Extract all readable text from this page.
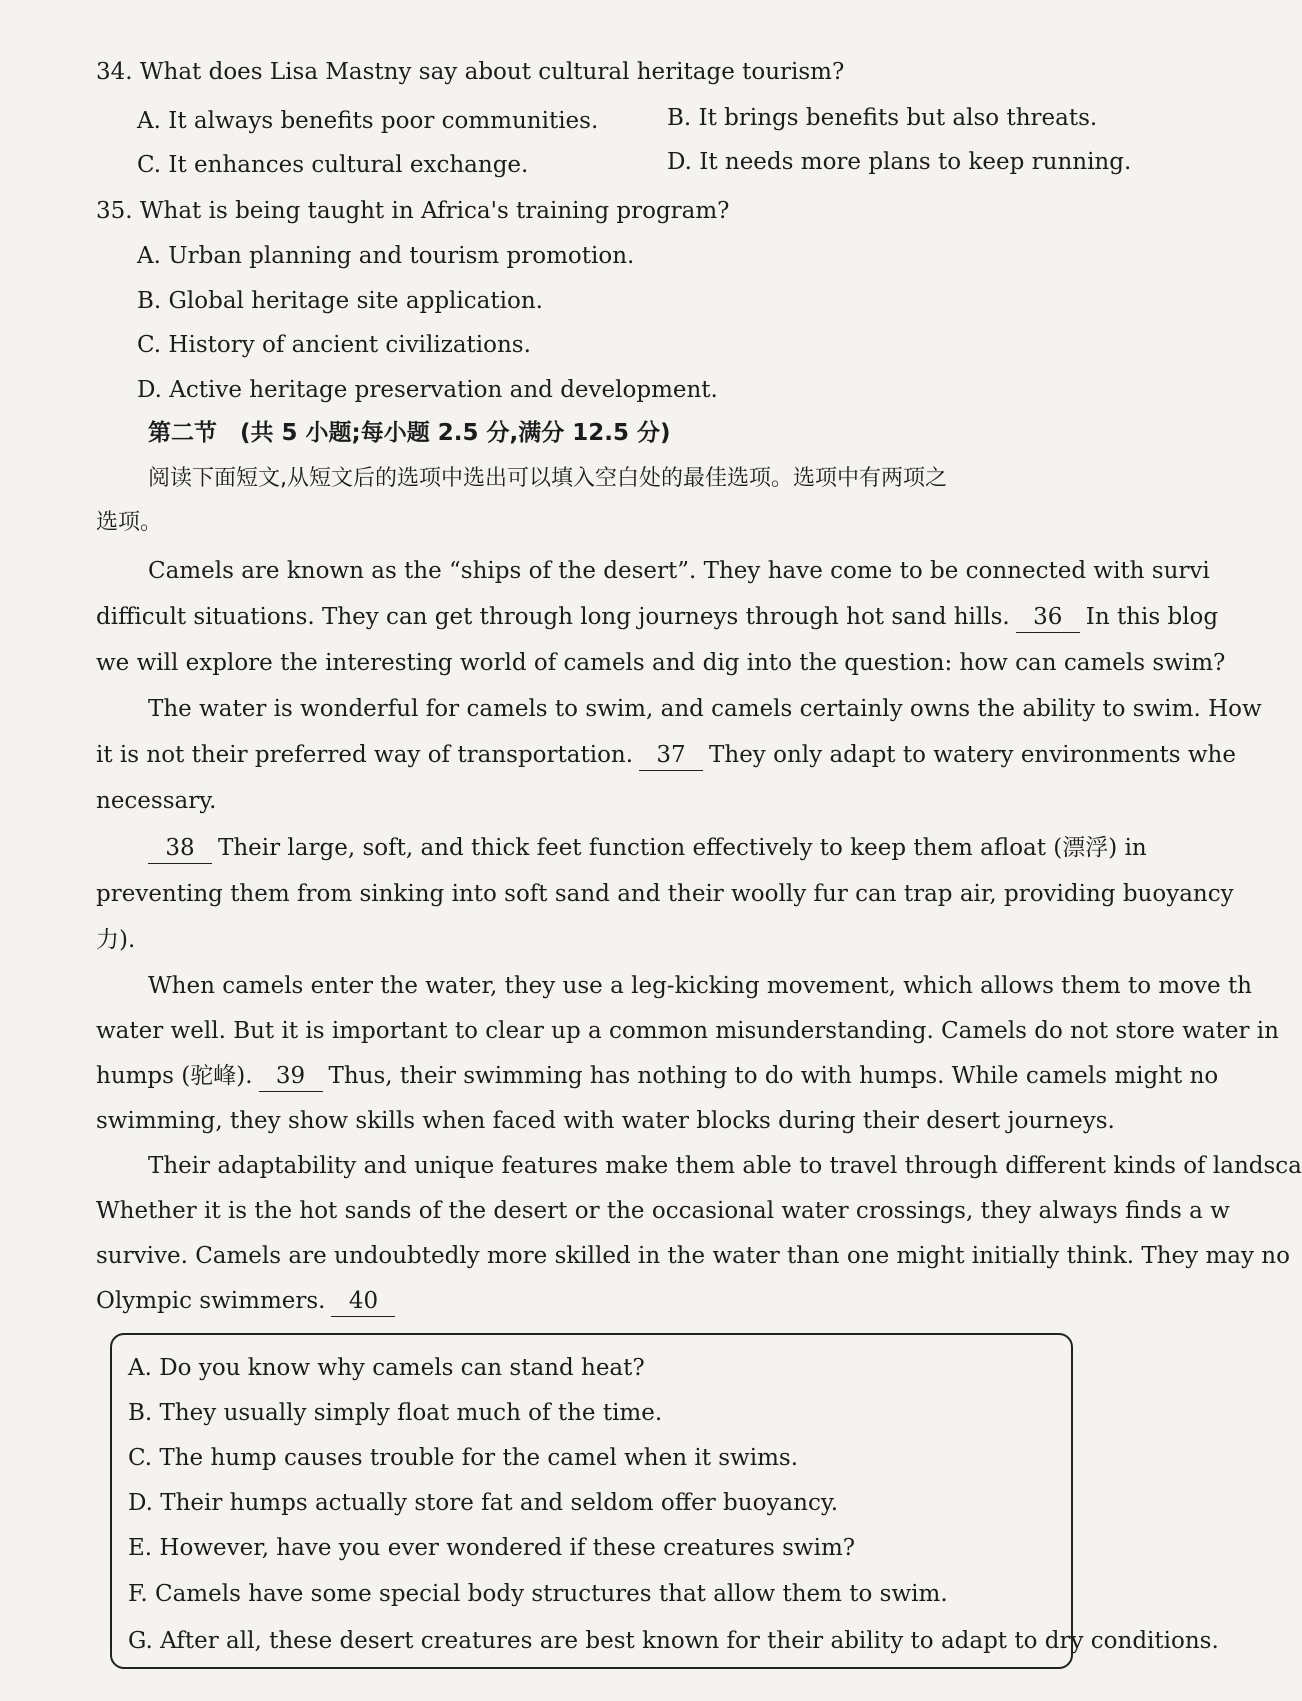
34. What does Lisa Mastny say about cultural heritage tourism?
A. It always benefits poor communities.	B. It brings benefits but also threats.
C. It enhances cultural exchange.	D. It needs more plans to keep running.
35. What is being taught in Africa's training program?
A. Urban planning and tourism promotion.
B. Global heritage site application.
C. History of ancient civilizations.
D. Active heritage preservation and development.
第二节　(共 5 小题;每小题 2.5 分,满分 12.5 分)
阅读下面短文,从短文后的选项中选出可以填入空白处的最佳选项。选项中有两项之
选项。
Camels are known as the “ships of the desert”. They have come to be connected with survi
difficult situations. They can get through long journeys through hot sand hills. 36 In this blog
we will explore the interesting world of camels and dig into the question: how can camels swim?
The water is wonderful for camels to swim, and camels certainly owns the ability to swim. How
it is not their preferred way of transportation. 37 They only adapt to watery environments whe
necessary.
38 Their large, soft, and thick feet function effectively to keep them afloat (漂浮) in
preventing them from sinking into soft sand and their woolly fur can trap air, providing buoyancy
力).
When camels enter the water, they use a leg-kicking movement, which allows them to move th
water well. But it is important to clear up a common misunderstanding. Camels do not store water in
humps (驼峰). 39 Thus, their swimming has nothing to do with humps. While camels might no
swimming, they show skills when faced with water blocks during their desert journeys.
Their adaptability and unique features make them able to travel through different kinds of landsca
Whether it is the hot sands of the desert or the occasional water crossings, they always finds a w
survive. Camels are undoubtedly more skilled in the water than one might initially think. They may no
Olympic swimmers. 40
A. Do you know why camels can stand heat?
B. They usually simply float much of the time.
C. The hump causes trouble for the camel when it swims.
D. Their humps actually store fat and seldom offer buoyancy.
E. However, have you ever wondered if these creatures swim?
F. Camels have some special body structures that allow them to swim.
G. After all, these desert creatures are best known for their ability to adapt to dry conditions.
